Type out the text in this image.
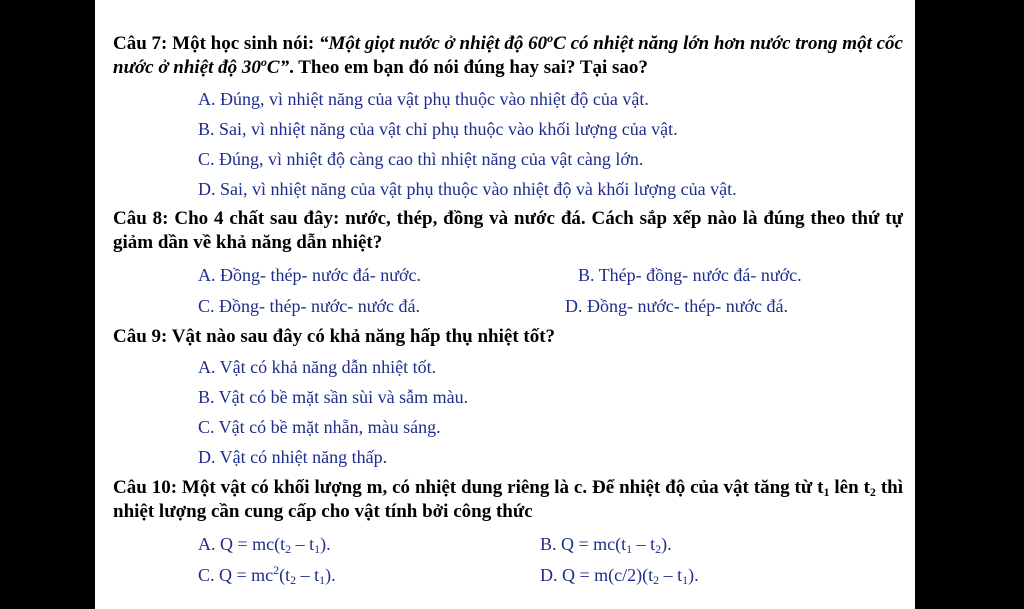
Câu 7: Một học sinh nói: “Một giọt nước ở nhiệt độ 60$^o$C có nhiệt năng lớn hơn nước trong một cốc nước ở nhiệt độ 30$^o$C”. Theo em bạn đó nói đúng hay sai? Tại sao?
A. Đúng, vì nhiệt năng của vật phụ thuộc vào nhiệt độ của vật.
B. Sai, vì nhiệt năng của vật chỉ phụ thuộc vào khối lượng của vật.
C. Đúng, vì nhiệt độ càng cao thì nhiệt năng của vật càng lớn.
D. Sai, vì nhiệt năng của vật phụ thuộc vào nhiệt độ và khối lượng của vật.
Câu 8: Cho 4 chất sau đây: nước, thép, đồng và nước đá. Cách sắp xếp nào là đúng theo thứ tự giảm dần về khả năng dẫn nhiệt?
A. Đồng- thép- nước đá- nước.	B. Thép- đồng- nước đá- nước.
C. Đồng- thép- nước- nước đá.	D. Đồng- nước- thép- nước đá.
Câu 9: Vật nào sau đây có khả năng hấp thụ nhiệt tốt?
A. Vật có khả năng dẫn nhiệt tốt.
B. Vật có bề mặt sần sùi và sẫm màu.
C. Vật có bề mặt nhẵn, màu sáng.
D. Vật có nhiệt năng thấp.
Câu 10: Một vật có khối lượng m, có nhiệt dung riêng là c. Để nhiệt độ của vật tăng từ $t_1$ lên $t_2$ thì nhiệt lượng cần cung cấp cho vật tính bởi công thức
A. $Q = mc(t_2 - t_1)$.	B. $Q = mc(t_1 - t_2)$.
C. $Q = mc^2(t_2 - t_1)$.	D. $Q = m(c/2)(t_2 - t_1)$.
